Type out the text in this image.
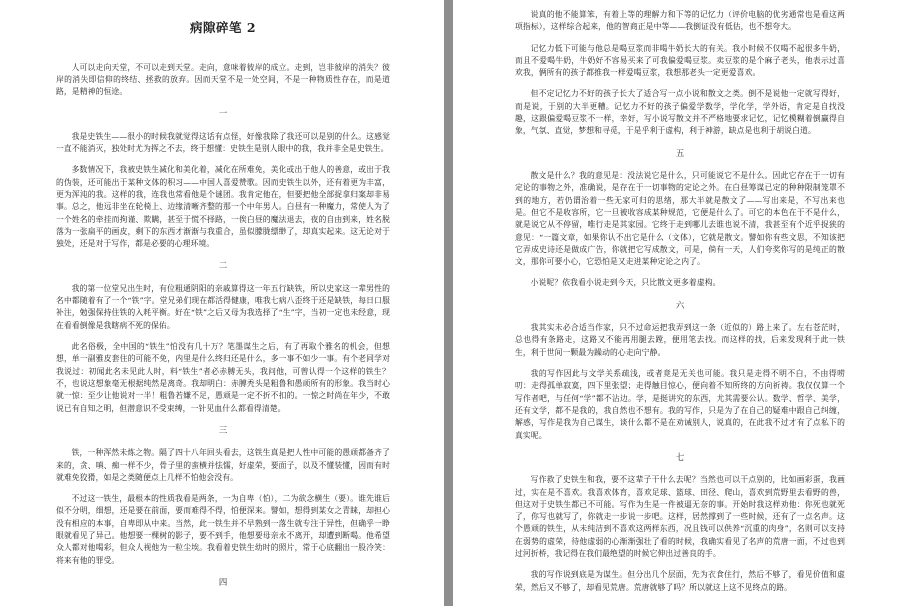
病隙碎笔 2

人可以走向天堂，不可以走到天堂。走向，意味着彼岸的成立。走到，岂非彼岸的消失？彼岸的消失即信仰的终结、拯救的放弃。因而天堂不是一处空间，不是一种物质性存在，而是道路，是精神的恒途。

一

我是史铁生——很小的时候我就觉得这话有点怪，好像我除了我还可以是别的什么。这感觉一直不能消灭，独处时尤为挥之不去，终于想懂：史铁生是别人眼中的我，我并非全是史铁生。

多数情况下，我被史铁生减化和美化着，减化在所难免，美化或出于他人的善意，或出于我的伪装，还可能出于某种文体的积习——中国人喜爱赞歌。因而史铁生以外，还有着更为丰富，更为浑沌的我。这样的我，连我也常看他是个谜团。我肯定他在，但要把他全部捉拿归案却非易事。总之，他远非坐在轮椅上、边缘清晰齐整的那一个中年男人。白昼有一种魔力，常使人为了一个姓名的牵挂而拘谨、欺瞒，甚至于慌不择路，一俟白昼的魔法退去，夜的自由到来，姓名脱落为一张扁平的画皮，剩下的东西才渐渐与我重合，虽似朦胧缥缈了，却真实起来。这无论对于独处，还是对于写作，都是必要的心理环境。

二

我的第一位堂兄出生时，有位粗通阴阳的亲戚算得这一年五行缺铁，所以史家这一辈男性的名中都随着有了一个“铁”字。堂兄弟们现在都活得健康，唯我七病八歪终于还是缺铁，每日口服补注，勉强保持住铁的入耗平衡。好在“铁”之后又母为我选择了“生”字，当初一定也未经意，现在看看倒像是我瞎病不死的保佑。

此名俗极，全中国的“铁生”怕没有几十万？笔墨谋生之后，有了再取个雅名的机会，但想想，单一副雅皮套住的可能不免，内里是什么终归还是什么，多一事不如少一事。有个老同学对我说过：初闻此名未见此人时，料“铁生”者必赤膊无头，我问他，可曾认得一个这样的铁生？不，也说这想象毫无根据纯然是离奇。我却明白：赤膊秃头是粗鲁和愚顽所有的形象。我当时心就一惊：至少让他说对一半！粗鲁若嫌不足，愚顽是一定不折不扣的。一惊之时尚在年少，不敢说已有自知之明，但潜意识不受束缚，一针见血什么都看得清楚。

三

铁，一种浑然未炼之物。隔了四十八年回头看去，这铁生真是把人性中可能的愚顽都备齐了来的，贪、嗔、痴一样不少，骨子里的蛮横并怯懦，好虚荣，要面子，以及不懂装懂，因而有时就难免狡猾，如是之类随便点上几样不怕他会没有。

不过这一铁生，最根本的性质我看是两条，一为自卑（怕），二为欲念横生（要）。谁先谁后似不分明，细想，还是要在前面，要而难得不得，怕便深来。譬如，想得到某女之青睐，却担心没有相应的本事，自卑即从中来。当然，此一铁生并不早熟到一落生就专注于异性，但确乎一睁眼就看见了异己。他想要一棵树的影子，要不到手，他想要母亲永不离开，却遭到断喝。他希望众人都对他喝彩，但众人视他为一粒尘埃。我看着史铁生幼时的照片，常于心底翻出一股冷笑：将来有他的罪受。

四

说真的他不能算笨，有着上等的理解力和下等的记忆力（评价电脑的优劣通常也是看这两项指标），这样综合起来，他的智商正是中等——我倒证没有低估，也不想夸大。

记忆力低下可能与他总是喝豆浆而非喝牛奶长大的有关。我小时候不仅喝不起很多牛奶，而且不爱喝牛奶，牛奶好不容易买来了可我偏爱喝豆浆。卖豆浆的是个麻子老头，他表示过喜欢我，俩所有的孩子都推我一样爱喝豆浆，我想那老头一定更爱喜欢。

但不定记忆力不好的孩子长大了适合写一点小说和散文之类。倒不是说他一定就写得好，而是说，于别的大半更糟。记忆力不好的孩子偏爱学数学，学化学，学外语，肯定是自找没趣，这跟偏爱喝豆浆不一样，幸好，写小说写散文并不严格地要求记忆，记忆模糊着倒赢得自象，气氛、直觉，梦想和寻觅，于是乎利于虚构，利于神游，缺点是也利于胡说白道。

五

散文是什么？我的意见是：没法说它是什么，只可能说它不是什么。因此它存在于一切有定论的事物之外，准确说，是存在于一切事物的定论之外。在白昼筹谋已定的种种限制笼罩不到的地方，若仍谓治着一些无家可归的思绪，那大半就是散文了——写出来是，不写出来也是。但它不是收容所，它一旦被收容成某种规范，它便是什么了。可它的本色在于不是什么，就是说它从不停留，唯行走是其家园。它终于走到哪儿去谁也说不清，我甚至有个近乎捉狭的意见：“一篇文章，如果你认不出它是什么（文体），它就是散文。譬如你有些文思，不知该把它弄成史诗还是做成广告，你就把它写成散文，可是，倘有一天，人们夸奖你写的是纯正的散文，那你可要小心，它恐怕是又走进某种定论之内了。

小说呢？依我看小说走到今天，只比散文更多着虚构。

六

我其实未必合适当作家，只不过命运把我弄到这一条（近似的）路上来了。左右苍茫时，总也得有条路走，这路又不能再用腿去蹚，便用笔去找。而这样的找，后来发现利于此一铁生，利于世间一颗最为躁动的心走向宁静。

我的写作因此与文学关系疏浅，或者竟是无关也可能。我只是走得不明不白，不由得唠叨：走得孤单寂寞，四下里张望；走得触目惊心，便向着不知所终的方向祈祷。我仅仅算一个写作者吧，与任何“学”都不沾边。学，是挺讲究的东西，尤其需要公认。数学、哲学、美学，还有文学，都不是我的，我自然也不想有。我的写作，只是为了在自己的疑难中跟自己纠缠，解惑，写作是我为自己谋生，谈什么都不是在劝诫别人，说真的，在此我不过才有了点私下的真实呢。

七

写作救了史铁生和我，要不这辈子干什么去呢？当然也可以干点别的，比如画彩蛋，我画过，实在是不喜欢。我喜欢体育，喜欢足球、篮球、田径、爬山，喜欢到荒野里去看野的兽，但这对于史铁生都已不可能。写作为生是一件被逼无奈的事。开始时我这样劝他：你死也就死了，你写也就写了，你就走一步说一步吧。这样，居然撑到了一些时候，还有了一点名声。这个愚顽的铁生，从未纯洁到不喜欢这两样东西，况且钱可以供养“沉重的肉身”，名则可以支持在弱势的虚荣，待他虚弱的心渐渐强壮了看的时候，我确实看见了名声的荒唐一面，不过也到过河折桥，我记得在我们最绝望的时候它伸出过善良的手。

我的写作说到底是为谋生。但分出几个层面，先为衣食住行，然后不够了，看见价值和虚荣，然后又不够了，却看见荒唐。荒唐就够了吗？所以就这上这不见终点的路。
